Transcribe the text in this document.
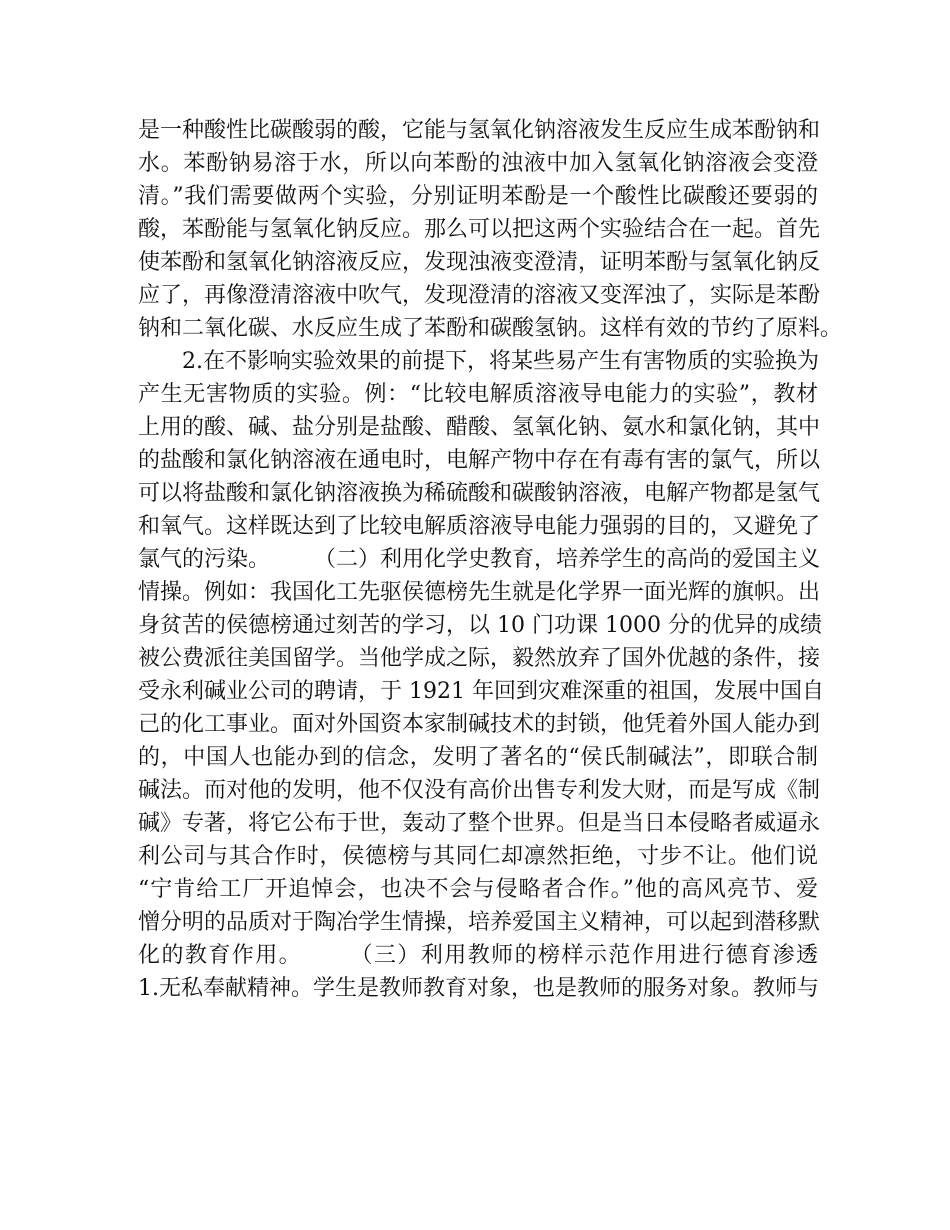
是一种酸性比碳酸弱的酸，它能与氢氧化钠溶液发生反应生成苯酚钠和
水。苯酚钠易溶于水，所以向苯酚的浊液中加入氢氧化钠溶液会变澄
清。”我们需要做两个实验，分别证明苯酚是一个酸性比碳酸还要弱的
酸，苯酚能与氢氧化钠反应。那么可以把这两个实验结合在一起。首先
使苯酚和氢氧化钠溶液反应，发现浊液变澄清，证明苯酚与氢氧化钠反
应了，再像澄清溶液中吹气，发现澄清的溶液又变浑浊了，实际是苯酚
钠和二氧化碳、水反应生成了苯酚和碳酸氢钠。这样有效的节约了原料。
2.在不影响实验效果的前提下，将某些易产生有害物质的实验换为
产生无害物质的实验。例：“比较电解质溶液导电能力的实验”，教材
上用的酸、碱、盐分别是盐酸、醋酸、氢氧化钠、氨水和氯化钠，其中
的盐酸和氯化钠溶液在通电时，电解产物中存在有毒有害的氯气，所以
可以将盐酸和氯化钠溶液换为稀硫酸和碳酸钠溶液，电解产物都是氢气
和氧气。这样既达到了比较电解质溶液导电能力强弱的目的，又避免了
氯气的污染。　　　（二）利用化学史教育，培养学生的高尚的爱国主义
情操。例如：我国化工先驱侯德榜先生就是化学界一面光辉的旗帜。出
身贫苦的侯德榜通过刻苦的学习，以 10 门功课 1000 分的优异的成绩
被公费派往美国留学。当他学成之际，毅然放弃了国外优越的条件，接
受永利碱业公司的聘请，于 1921 年回到灾难深重的祖国，发展中国自
己的化工事业。面对外国资本家制碱技术的封锁，他凭着外国人能办到
的，中国人也能办到的信念，发明了著名的“侯氏制碱法”，即联合制
碱法。而对他的发明，他不仅没有高价出售专利发大财，而是写成《制
碱》专著，将它公布于世，轰动了整个世界。但是当日本侵略者威逼永
利公司与其合作时，侯德榜与其同仁却凛然拒绝，寸步不让。他们说
“宁肯给工厂开追悼会，也决不会与侵略者合作。”他的高风亮节、爱
憎分明的品质对于陶冶学生情操，培养爱国主义精神，可以起到潜移默
化的教育作用。　　　（三）利用教师的榜样示范作用进行德育渗透
1.无私奉献精神。学生是教师教育对象，也是教师的服务对象。教师与
